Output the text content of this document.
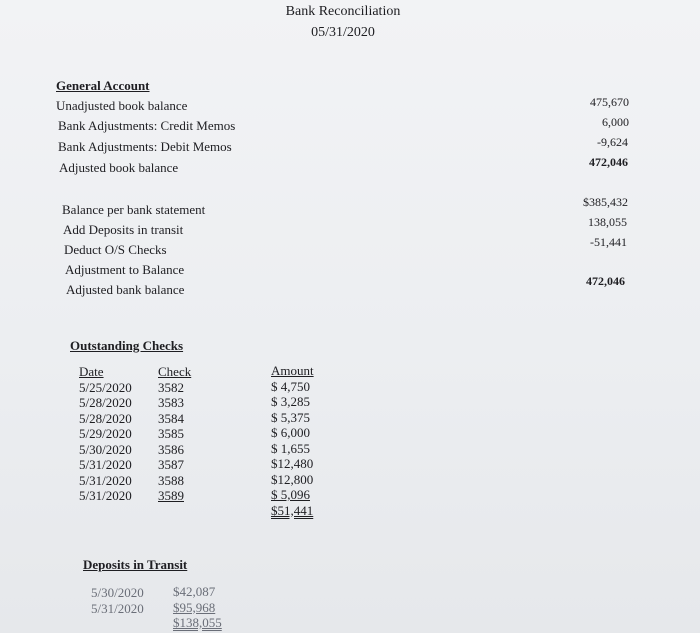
Bank Reconciliation
05/31/2020
General Account
Unadjusted book balance
Bank Adjustments: Credit Memos
Bank Adjustments: Debit Memos
Adjusted book balance
475,670
6,000
-9,624
472,046
Balance per bank statement
Add Deposits in transit
Deduct O/S Checks
Adjustment to Balance
Adjusted bank balance
$385,432
138,055
-51,441
472,046
Outstanding Checks
Date
5/25/2020
5/28/2020
5/28/2020
5/29/2020
5/30/2020
5/31/2020
5/31/2020
5/31/2020
Check
3582
3583
3584
3585
3586
3587
3588
3589
Amount
$ 4,750
$ 3,285
$ 5,375
$ 6,000
$ 1,655
$12,480
$12,800
$ 5,096
$51,441
Deposits in Transit
5/30/2020
5/31/2020
$42,087
$95,968
$138,055
